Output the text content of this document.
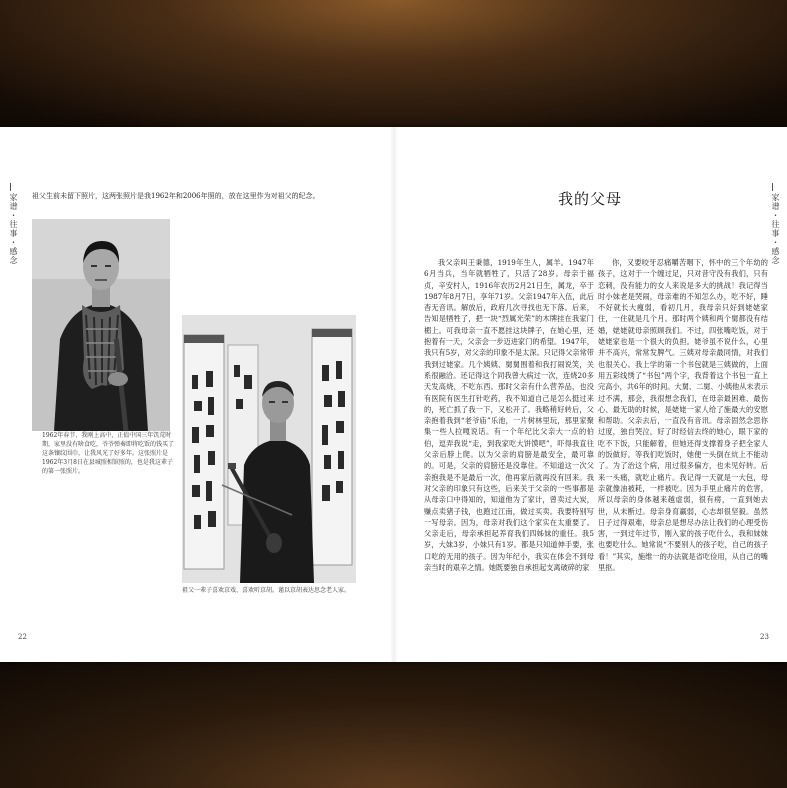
家谱・往事・感念	家谱・往事・感念
祖父生前未留下照片，这两张照片是我1962年和2006年照的，放在这里作为对祖父的纪念。
1962年春节，我刚上高中，正值中国三年饥荒时期，家里没有啥食吃，爷爷弹奏即将吃饭的钱买了这条镶纹围巾，让我风光了好多年。这张照片是1962年3月8日在县城照相馆照的，也是我这辈子的第一张照片。
祖父一辈子喜欢京戏、喜欢听京胡。谨以京胡表达思念老人家。
我的父母
我父亲叫王秉德，1919年生人，属羊。1947年6月当兵，当年就牺牲了，只活了28岁。母亲于福贞，辛安村人，1916年农历2月21日生，属龙，卒于1987年8月7日，享年71岁。父亲1947年入伍，此后杳无音讯。解放后，政府几次寻找也无下落。后来，告知是牺牲了，把一块“烈属光荣”的木牌挂在我家门楣上。可我母亲一直不愿挂这块牌子，在她心里，还抱着有一天，父亲会一步迈进家门的希望。1947年，我只有5岁，对父亲的印象不是太深。只记得父亲常带我到过姥家。几个姨姨、舅舅围着和我打闹说笑，关系很融洽。还记得这个同我曾大病过一次，连烧20多天发高烧，不吃东西。那时父亲有什么营养品，也没有医院有医生打针吃药，我不知道自己是怎么挺过来的，死亡抓了我一下，又松开了。我略稍好转后，父亲抱着我到“老爷庙”乐池，一片树林里玩，那里家聚集一些人拉嘎说话。有一个年纪比父亲大一点的伯伯，逗弄我说“走，到我家吃大饼馍吧”，吓得我直往父亲后脖上爬。以为父亲的肩膀是最安全，最可靠的。可是，父亲的肩膀还是没靠住。不知道这一次父亲抱我是不是最后一次，他再家后就再没有回来。我对父亲的印象只有这些，后来关于父亲的一些事都是从母亲口中得知的，知道他为了家计，曾卖过大炭，赚点卖猪子钱，也跑过江南，做过买卖。我要特别写一写母亲。因为，母亲对我们这个家实在太重要了。父亲走后，母亲承担起养育我们四姊妹的重任。我5岁，大妹3岁，小妹只有1岁。都是只知道伸手要，张口吃的无用的孩子。因为年纪小，我实在体会不到母亲当时的艰辛之情。她既要独自承担起支离破碎的家
你，又要咬牙忍痛嚼苦咽下，怀中的三个年幼的孩子，这对于一个缠过足，只对昔守没有我们，只有恋刺，没有能力的女人来说是多大的挑战！我记得当时小妹老是哭闹，母亲难的不知怎么办，吃不好，睡不好就长大瘦弱，看初几月，我母亲只好到姥姥家住，一住就是几个月。那时两个姨和两个舅都没有结婚，姥姥就母亲照顾我们。不过，四张嘴吃饭，对于姥姥家也是一个很大的负担。姥爷虽不说什么，心里并不高兴，常常发脾气。三姨对母亲最同情，对我们也很关心。我上学的第一个书包就是三姨做的，上面用五彩线绣了“书包”两个字，我背着这个书包一直上完高小，共6年的时间。大舅、二舅、小姨他从未表示过不满，那会，我很想念我们，在母亲最困难、最伤心、最无助的时候，是姥姥一家人给了施最大的安慰和帮助。父亲去后，一直没有音讯。母亲固然念思你过度，独自哭泣，好了时经信去终的她心，眼下家的吃不下饭，只能解着，但她还得支撑着身子把全家人的饭做好。等我们吃饭时，她便一头倒在炕上不能动了。为了治这个病，用过很多偏方，也未见好转。后来一头痛，就吃止痛片。我记得一天就是一大包，母亲就像油被耗，一样被吃。因为手里止痛片的危害，所以母亲的身体越来越虚弱，很有痨，一直到她去世，从未断过。母亲身育赢弱，心志却很坚毅。虽然日子过得艰难，母亲总是想尽办法让我们的心理受伤害，一到过年过节，刚入家的孩子吃什么，我和妹妹也要吃什么。她常说“不要别人的孩子吃，自己的孩子看！”其实，施维一的办法就是省吃俭用，从自己的嘴里抠。
22	23
